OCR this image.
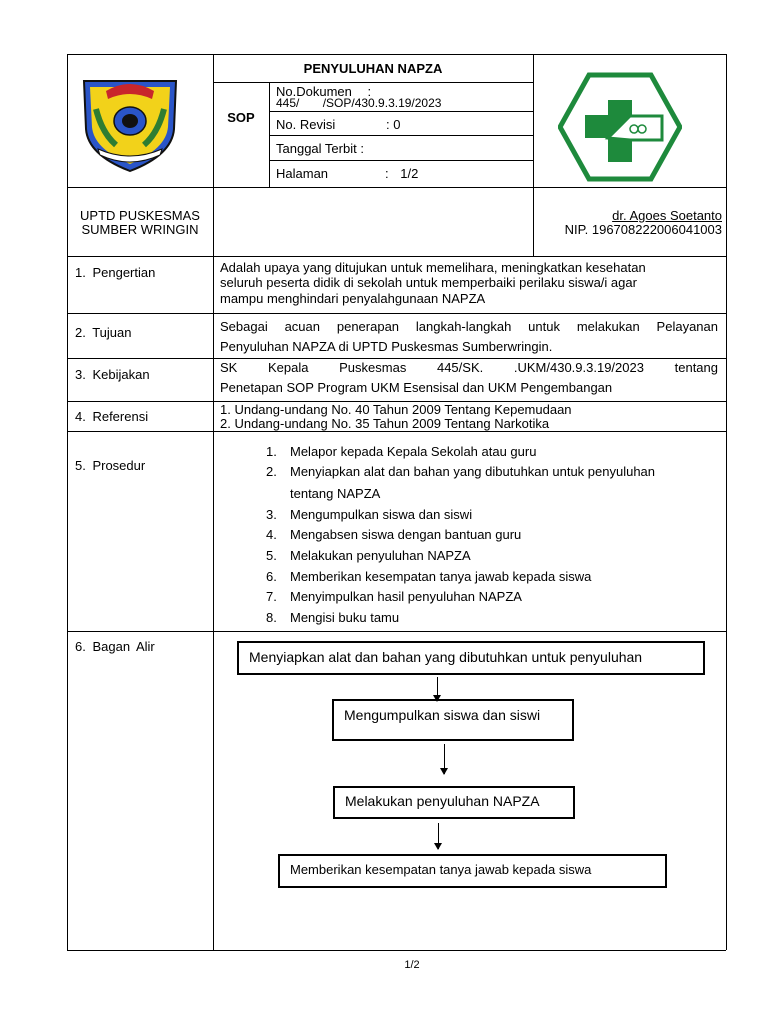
PENYULUHAN NAPZA
SOP
No.Dokumen :
445/ /SOP/430.9.3.19/2023
No. Revisi	: 0
Tanggal Terbit :
Halaman	: 1/2
UPTD PUSKESMAS
SUMBER WRINGIN
dr. Agoes Soetanto
NIP. 196708222006041003
1. Pengertian	Adalah upaya yang ditujukan untuk memelihara, meningkatkan kesehatan
seluruh peserta didik di sekolah untuk memperbaiki perilaku siswa/i agar
mampu menghindari penyalahgunaan NAPZA
2. Tujuan	Sebagai acuan penerapan langkah-langkah untuk melakukan Pelayanan
Penyuluhan NAPZA di UPTD Puskesmas Sumberwringin.
3. Kebijakan	SK Kepala Puskesmas 445/SK. .UKM/430.9.3.19/2023 tentang
Penetapan SOP Program UKM Esensisal dan UKM Pengembangan
4. Referensi	1. Undang-undang No. 40 Tahun 2009 Tentang Kepemudaan
2. Undang-undang No. 35 Tahun 2009 Tentang Narkotika
5. Prosedur
1. Melapor kepada Kepala Sekolah atau guru
2. Menyiapkan alat dan bahan yang dibutuhkan untuk penyuluhan
tentang NAPZA
3. Mengumpulkan siswa dan siswi
4. Mengabsen siswa dengan bantuan guru
5. Melakukan penyuluhan NAPZA
6. Memberikan kesempatan tanya jawab kepada siswa
7. Menyimpulkan hasil penyuluhan NAPZA
8. Mengisi buku tamu
6. Bagan Alir
Menyiapkan alat dan bahan yang dibutuhkan untuk penyuluhan
Mengumpulkan siswa dan siswi
Melakukan penyuluhan NAPZA
Memberikan kesempatan tanya jawab kepada siswa
1/2
